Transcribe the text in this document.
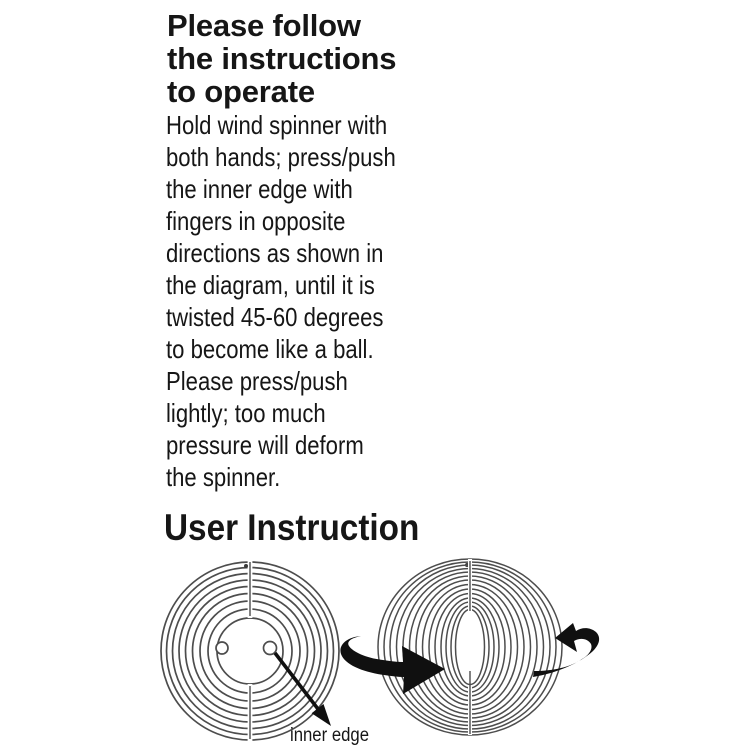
Please follow
the instructions
to operate
Hold wind spinner with
both hands; press/push
the inner edge with
fingers in opposite
directions as shown in
the diagram, until it is
twisted 45-60 degrees
to become like a ball.
Please press/push
lightly; too much
pressure will deform
the spinner.
User Instruction
inner edge
